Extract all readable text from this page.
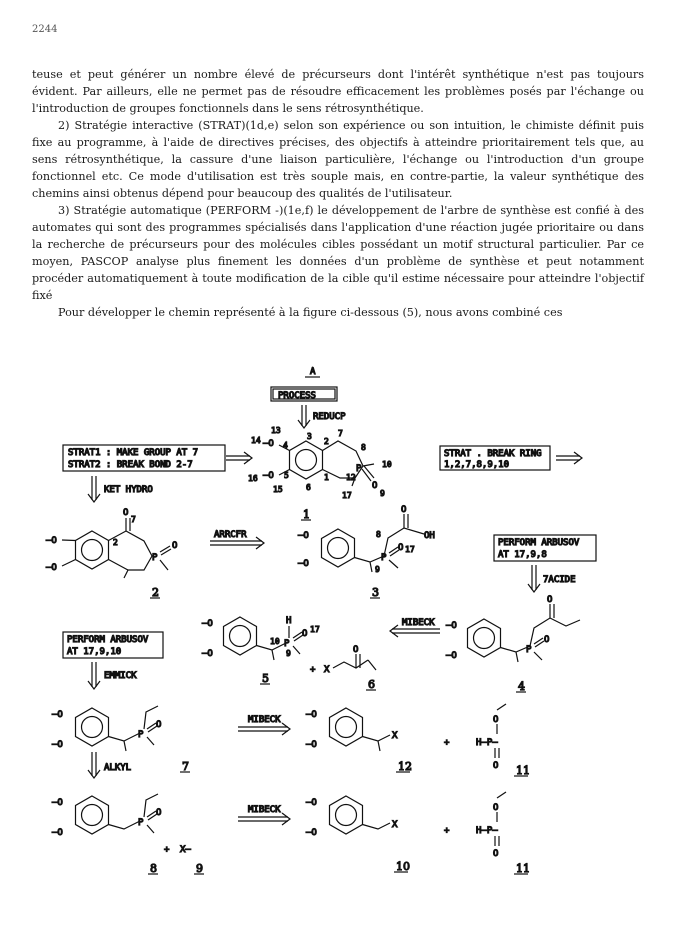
2244

teuse et peut générer un nombre élevé de précurseurs dont l'intérêt synthétique n'est pas toujours évident. Par ailleurs, elle ne permet pas de résoudre efficacement les problèmes posés par l'échange ou l'introduction de groupes fonctionnels dans le sens rétrosynthétique.

2) Stratégie interactive (STRAT)(1d,e) selon son expérience ou son intuition, le chimiste définit puis fixe au programme, à l'aide de directives précises, des objectifs à atteindre prioritairement tels que, au sens rétrosynthétique, la cassure d'une liaison particulière, l'échange ou l'introduction d'un groupe fonctionnel etc. Ce mode d'utilisation est très souple mais, en contre-partie, la valeur synthétique des chemins ainsi obtenus dépend pour beaucoup des qualités de l'utilisateur.

3) Stratégie automatique (PERFORM -)(1e,f) le développement de l'arbre de synthèse est confié à des automates qui sont des programmes spécialisés dans l'application d'une réaction jugée prioritaire ou dans la recherche de précurseurs pour des molécules cibles possédant un motif structural particulier. Par ce moyen, PASCOP analyse plus finement les données d'un problème de synthèse et peut notamment procéder automatiquement à toute modification de la cible qu'il estime nécessaire pour atteindre l'objectif fixé

Pour développer le chemin représenté à la figure ci-dessous (5), nous avons combiné ces

A
PROCESS
REDUCP
STRAT1 : MAKE GROUP AT 7
STRAT2 : BREAK BOND 2-7	P
O
—O
—O
13
14
4
3
2
7
8
16	5
15	6
1
10
12
9
17
1
STRAT . BREAK RING
1,2,7,8,9,10
KET HYDRO
O
7
2
P
O
—O
—O
2
ARRCFR	—O
—O
O
OH
8
P
O 17
9
3
PERFORM ARBUSOV
AT 17,9,8
7ACIDE
—O
—O
O
P
O
4
MIBECK
—O
—O
P
H
O 17
10
9
5
+ X
O
6
PERFORM ARBUSOV
AT 17,9,10
EMMICK
—O
—O
P
O
7
MIBECK	—O
—O
X
12
+
O
H—P—
O 11
ALKYL
—O
—O
P
O
+ X—
8	9
MIBECK
—O
—O
X
10
+
O
H—P—
O
11
